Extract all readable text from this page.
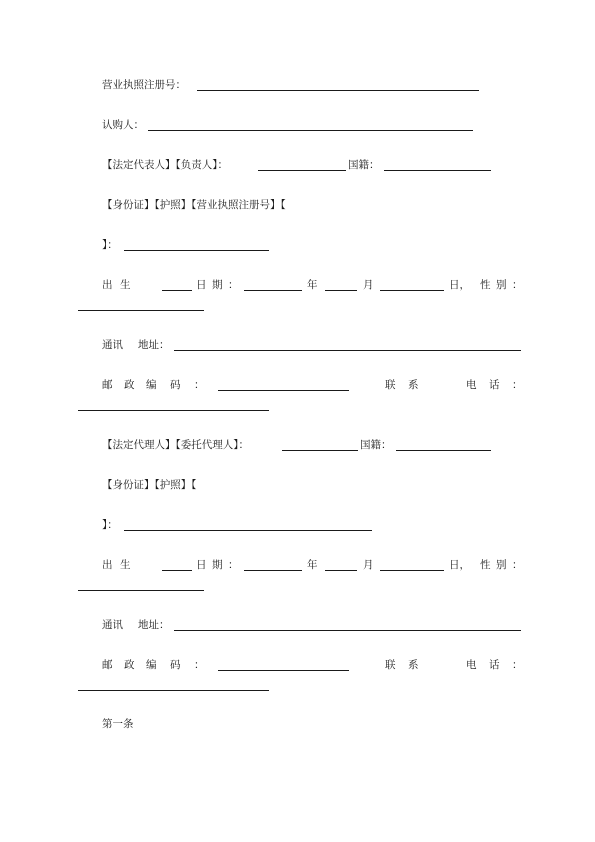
营业执照注册号：
认购人：
【法定代表人】【负责人】：	国籍：
【身份证】【护照】【营业执照注册号】【
】：
出 生	日 期 ：	年	月	日， 性 别 ：
通讯 地址：
邮 政 编 码 ：	联 系	电 话 ：
【法定代理人】【委托代理人】：	国籍：
【身份证】【护照】【
】：
出 生	日 期 ：	年	月	日， 性 别 ：
通讯 地址：
邮 政 编 码 ：	联 系	电 话 ：
第一条
